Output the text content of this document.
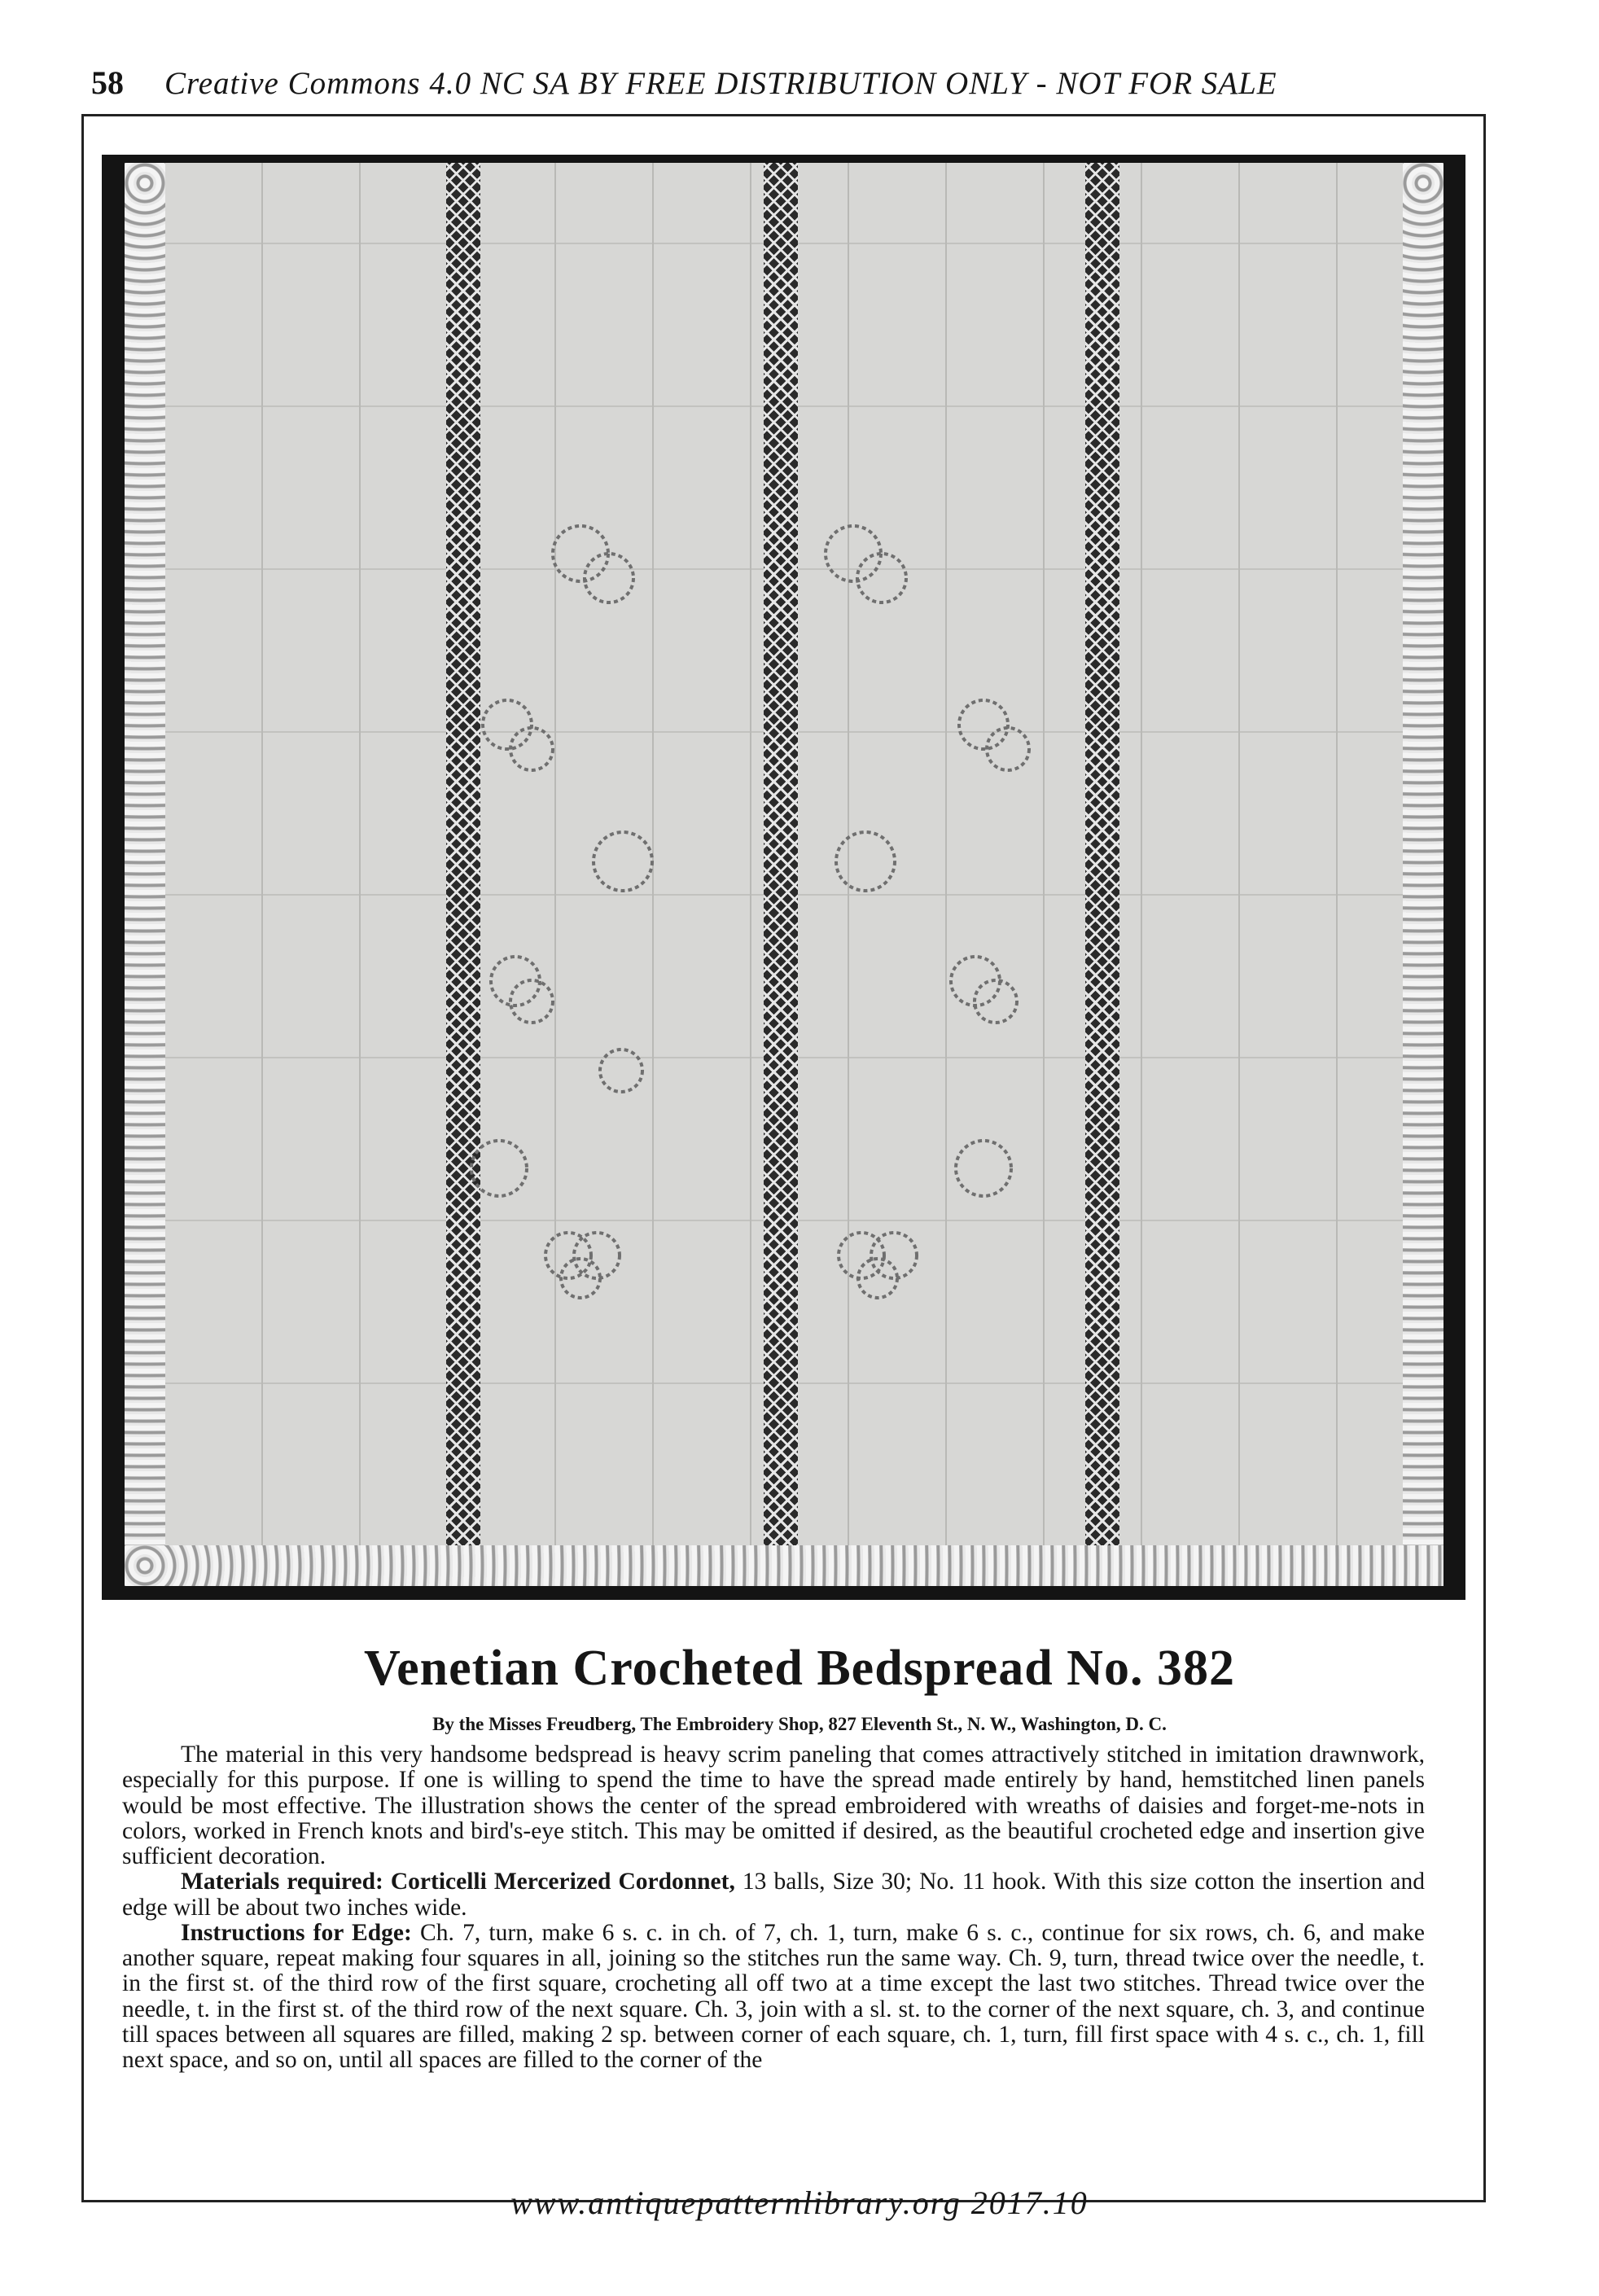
58 Creative Commons 4.0 NC SA BY FREE DISTRIBUTION ONLY - NOT FOR SALE
Venetian Crocheted Bedspread No. 382
By the Misses Freudberg, The Embroidery Shop, 827 Eleventh St., N. W., Washington, D. C.

The material in this very handsome bedspread is heavy scrim paneling that comes attractively stitched in imitation drawnwork, especially for this purpose. If one is willing to spend the time to have the spread made entirely by hand, hemstitched linen panels would be most effective. The illustration shows the center of the spread embroidered with wreaths of daisies and forget-me-nots in colors, worked in French knots and bird's-eye stitch. This may be omitted if desired, as the beautiful crocheted edge and insertion give sufficient decoration.

Materials required: Corticelli Mercerized Cordonnet, 13 balls, Size 30; No. 11 hook. With this size cotton the insertion and edge will be about two inches wide.

Instructions for Edge: Ch. 7, turn, make 6 s. c. in ch. of 7, ch. 1, turn, make 6 s. c., continue for six rows, ch. 6, and make another square, repeat making four squares in all, joining so the stitches run the same way. Ch. 9, turn, thread twice over the needle, t. in the first st. of the third row of the first square, crocheting all off two at a time except the last two stitches. Thread twice over the needle, t. in the first st. of the third row of the next square. Ch. 3, join with a sl. st. to the corner of the next square, ch. 3, and continue till spaces between all squares are filled, making 2 sp. between corner of each square, ch. 1, turn, fill first space with 4 s. c., ch. 1, fill next space, and so on, until all spaces are filled to the corner of the

www.antiquepatternlibrary.org 2017.10
